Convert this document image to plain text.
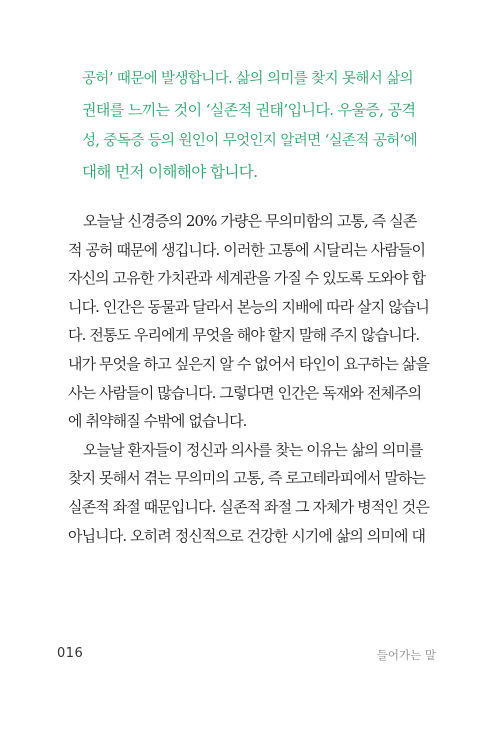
공허’ 때문에 발생합니다. 삶의 의미를 찾지 못해서 삶의
권태를 느끼는 것이 ‘실존적 권태’입니다. 우울증, 공격
성, 중독증 등의 원인이 무엇인지 알려면 ‘실존적 공허’에
대해 먼저 이해해야 합니다.
오늘날 신경증의 20% 가량은 무의미함의 고통, 즉 실존
적 공허 때문에 생깁니다. 이러한 고통에 시달리는 사람들이
자신의 고유한 가치관과 세계관을 가질 수 있도록 도와야 합
니다. 인간은 동물과 달라서 본능의 지배에 따라 살지 않습니
다. 전통도 우리에게 무엇을 해야 할지 말해 주지 않습니다.
내가 무엇을 하고 싶은지 알 수 없어서 타인이 요구하는 삶을
사는 사람들이 많습니다. 그렇다면 인간은 독재와 전체주의
에 취약해질 수밖에 없습니다.
오늘날 환자들이 정신과 의사를 찾는 이유는 삶의 의미를
찾지 못해서 겪는 무의미의 고통, 즉 로고테라피에서 말하는
실존적 좌절 때문입니다. 실존적 좌절 그 자체가 병적인 것은
아닙니다. 오히려 정신적으로 건강한 시기에 삶의 의미에 대
016	들어가는 말
